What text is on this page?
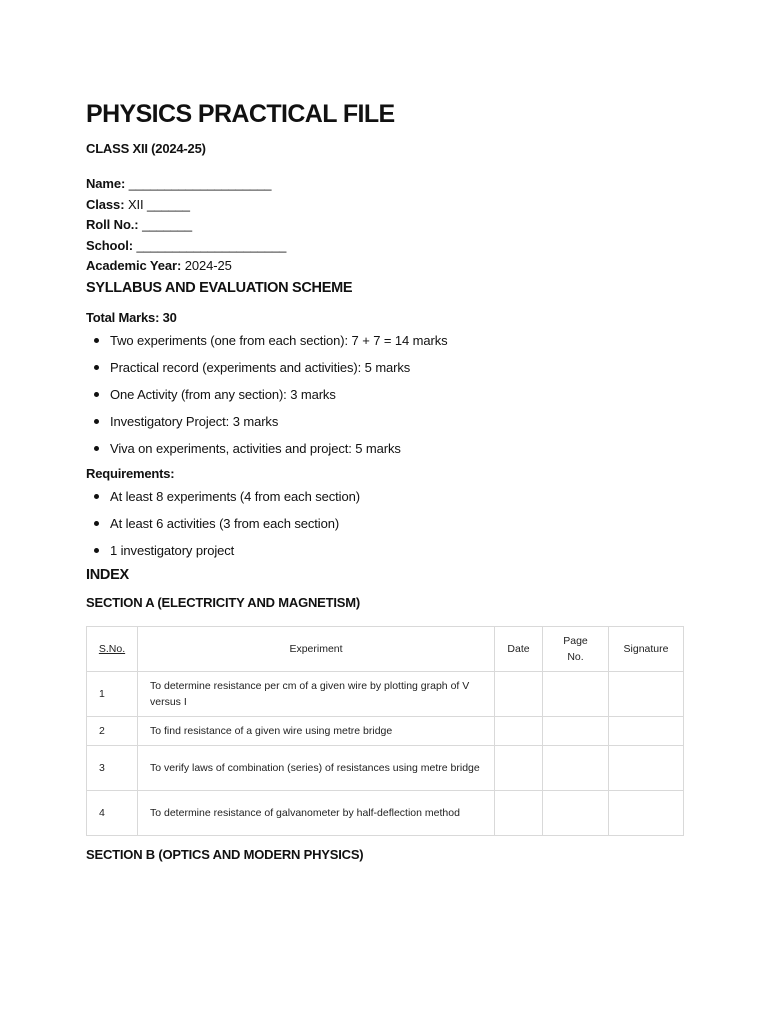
PHYSICS PRACTICAL FILE
CLASS XII (2024-25)
Name: ____________________
Class: XII ______
Roll No.: _______
School: _____________________
Academic Year: 2024-25
SYLLABUS AND EVALUATION SCHEME
Total Marks: 30
Two experiments (one from each section): 7 + 7 = 14 marks
Practical record (experiments and activities): 5 marks
One Activity (from any section): 3 marks
Investigatory Project: 3 marks
Viva on experiments, activities and project: 5 marks
Requirements:
At least 8 experiments (4 from each section)
At least 6 activities (3 from each section)
1 investigatory project
INDEX
SECTION A (ELECTRICITY AND MAGNETISM)
S.No.	Experiment	Date	Page No.	Signature
1	To determine resistance per cm of a given wire by plotting graph of V versus I			
2	To find resistance of a given wire using metre bridge			
3	To verify laws of combination (series) of resistances using metre bridge			
4	To determine resistance of galvanometer by half-deflection method			
SECTION B (OPTICS AND MODERN PHYSICS)
